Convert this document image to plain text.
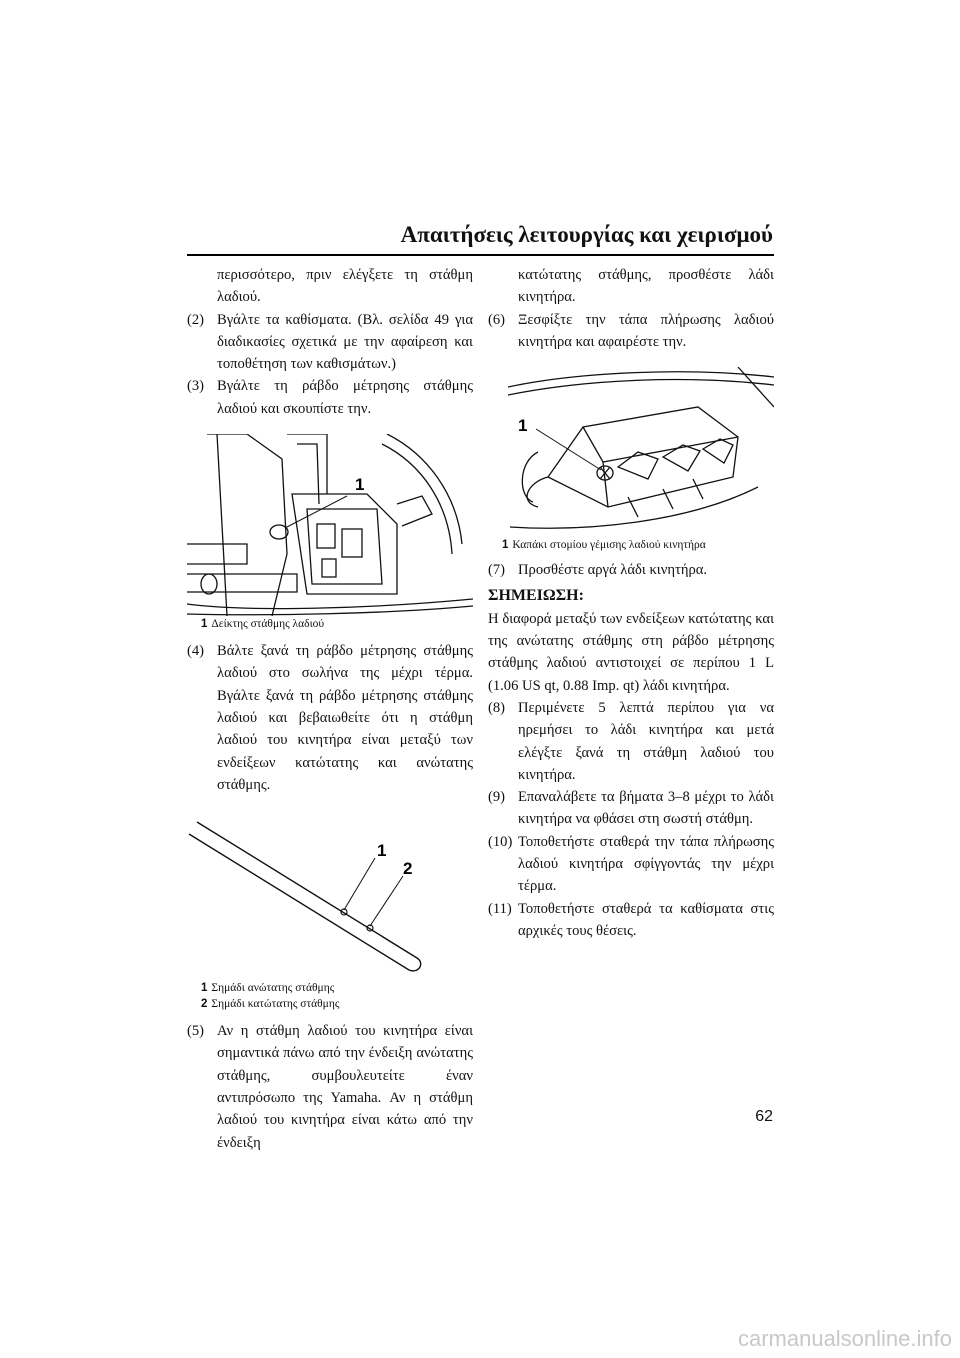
Απαιτήσεις λειτουργίας και χειρισμού
περισσότερο, πριν ελέγξετε τη στάθμη λαδιού.
(2) Βγάλτε τα καθίσματα. (Βλ. σελίδα 49 για διαδικασίες σχετικά με την αφαίρεση και τοποθέτηση των καθισμάτων.)
(3) Βγάλτε τη ράβδο μέτρησης στάθμης λαδιού και σκουπίστε την.
1
1 Δείκτης στάθμης λαδιού
(4) Βάλτε ξανά τη ράβδο μέτρησης στάθμης λαδιού στο σωλήνα της μέχρι τέρμα. Βγάλτε ξανά τη ράβδο μέτρησης στάθμης λαδιού και βεβαιωθείτε ότι η στάθμη λαδιού του κινητήρα είναι μεταξύ των ενδείξεων κατώτατης και ανώτατης στάθμης.
1
2
1 Σημάδι ανώτατης στάθμης
2 Σημάδι κατώτατης στάθμης
(5) Αν η στάθμη λαδιού του κινητήρα είναι σημαντικά πάνω από την ένδειξη ανώτατης στάθμης, συμβουλευτείτε έναν αντιπρόσωπο της Yamaha. Αν η στάθμη λαδιού του κινητήρα είναι κάτω από την ένδειξη
κατώτατης στάθμης, προσθέστε λάδι κινητήρα.
(6) Ξεσφίξτε την τάπα πλήρωσης λαδιού κινητήρα και αφαιρέστε την.
1
1 Καπάκι στομίου γέμισης λαδιού κινητήρα
(7) Προσθέστε αργά λάδι κινητήρα.
ΣΗΜΕΙΩΣΗ:
Η διαφορά μεταξύ των ενδείξεων κατώτατης και της ανώτατης στάθμης στη ράβδο μέτρησης στάθμης λαδιού αντιστοιχεί σε περίπου 1 L (1.06 US qt, 0.88 Imp. qt) λάδι κινητήρα.
(8) Περιμένετε 5 λεπτά περίπου για να ηρεμήσει το λάδι κινητήρα και μετά ελέγξτε ξανά τη στάθμη λαδιού του κινητήρα.
(9) Επαναλάβετε τα βήματα 3–8 μέχρι το λάδι κινητήρα να φθάσει στη σωστή στάθμη.
(10) Τοποθετήστε σταθερά την τάπα πλήρωσης λαδιού κινητήρα σφίγγοντάς την μέχρι τέρμα.
(11) Τοποθετήστε σταθερά τα καθίσματα στις αρχικές τους θέσεις.
62
carmanualsonline.info
